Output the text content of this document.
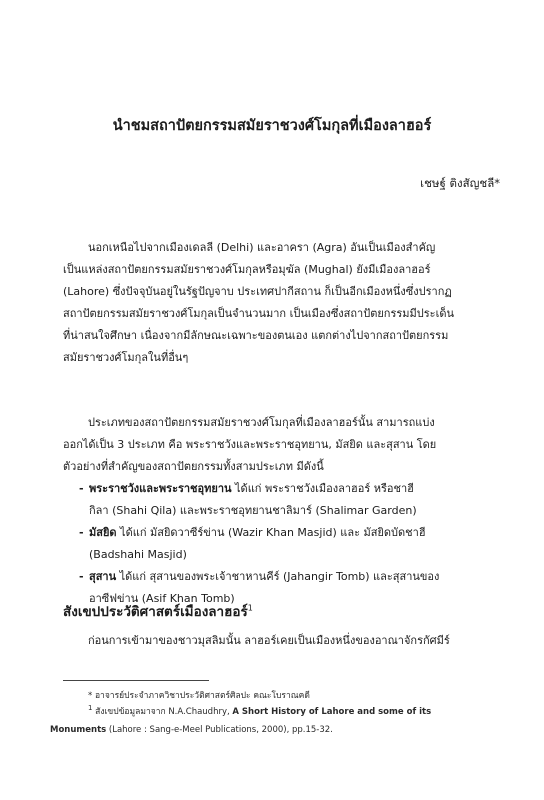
นำชมสถาปัตยกรรมสมัยราชวงศ์โมกุลที่เมืองลาฮอร์
เชษฐ์ ติงสัญชลี*
นอกเหนือไปจากเมืองเดลลี (Delhi) และอาครา (Agra) อันเป็นเมืองสำคัญ
เป็นแหล่งสถาปัตยกรรมสมัยราชวงศ์โมกุลหรือมุฆัล (Mughal) ยังมีเมืองลาฮอร์
(Lahore) ซึ่งปัจจุบันอยู่ในรัฐปัญจาบ ประเทศปากีสถาน ก็เป็นอีกเมืองหนึ่งซึ่งปรากฏ
สถาปัตยกรรมสมัยราชวงศ์โมกุลเป็นจำนวนมาก เป็นเมืองซึ่งสถาปัตยกรรมมีประเด็น
ที่น่าสนใจศึกษา เนื่องจากมีลักษณะเฉพาะของตนเอง แตกต่างไปจากสถาปัตยกรรม
สมัยราชวงศ์โมกุลในที่อื่นๆ
ประเภทของสถาปัตยกรรมสมัยราชวงศ์โมกุลที่เมืองลาฮอร์นั้น สามารถแบ่ง
ออกได้เป็น 3 ประเภท คือ พระราชวังและพระราชอุทยาน, มัสยิด และสุสาน โดย
ตัวอย่างที่สำคัญของสถาปัตยกรรมทั้งสามประเภท มีดังนี้
- พระราชวังและพระราชอุทยาน ได้แก่ พระราชวังเมืองลาฮอร์ หรือชาฮี
กิลา (Shahi Qila) และพระราชอุทยานชาลิมาร์ (Shalimar Garden)
- มัสยิด ได้แก่ มัสยิดวาซีร์ข่าน (Wazir Khan Masjid) และ มัสยิดบัดชาฮี
(Badshahi Masjid)
- สุสาน ได้แก่ สุสานของพระเจ้าชาหานคีร์ (Jahangir Tomb) และสุสานของ
อาซีฟข่าน (Asif Khan Tomb)
สังเขปประวัติศาสตร์เมืองลาฮอร์$^1$
ก่อนการเข้ามาของชาวมุสลิมนั้น ลาฮอร์เคยเป็นเมืองหนึ่งของอาณาจักรกัศมีร์
* อาจารย์ประจำภาควิชาประวัติศาสตร์ศิลปะ คณะโบราณคดี
$^1$ สังเขปข้อมูลมาจาก N.A.Chaudhry, A Short History of Lahore and some of its
Monuments (Lahore : Sang-e-Meel Publications, 2000), pp.15-32.
